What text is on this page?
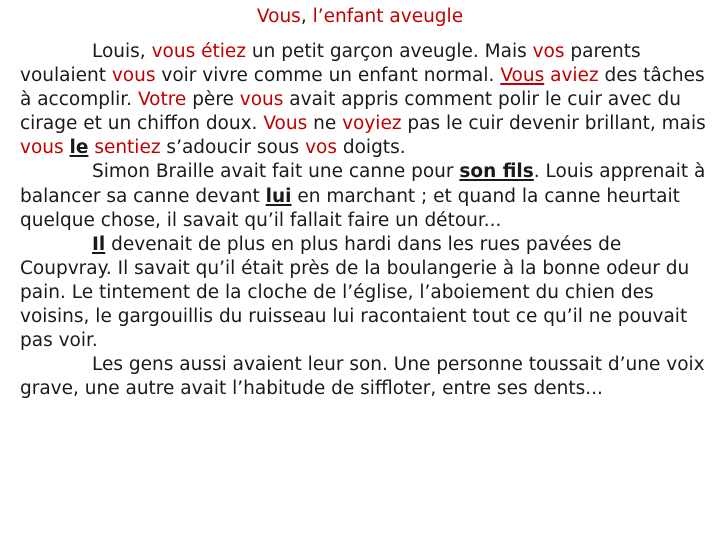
Vous, l’enfant aveugle

Louis, vous étiez un petit garçon aveugle. Mais vos parents voulaient vous voir vivre comme un enfant normal. Vous aviez des tâches à accomplir. Votre père vous avait appris comment polir le cuir avec du cirage et un chiffon doux. Vous ne voyiez pas le cuir devenir brillant, mais vous le sentiez s’adoucir sous vos doigts.

Simon Braille avait fait une canne pour son fils. Louis apprenait à balancer sa canne devant lui en marchant ; et quand la canne heurtait quelque chose, il savait qu’il fallait faire un détour...

Il devenait de plus en plus hardi dans les rues pavées de Coupvray. Il savait qu’il était près de la boulangerie à la bonne odeur du pain. Le tintement de la cloche de l’église, l’aboiement du chien des voisins, le gargouillis du ruisseau lui racontaient tout ce qu’il ne pouvait pas voir.

Les gens aussi avaient leur son. Une personne toussait d’une voix grave, une autre avait l’habitude de siffloter, entre ses dents...
